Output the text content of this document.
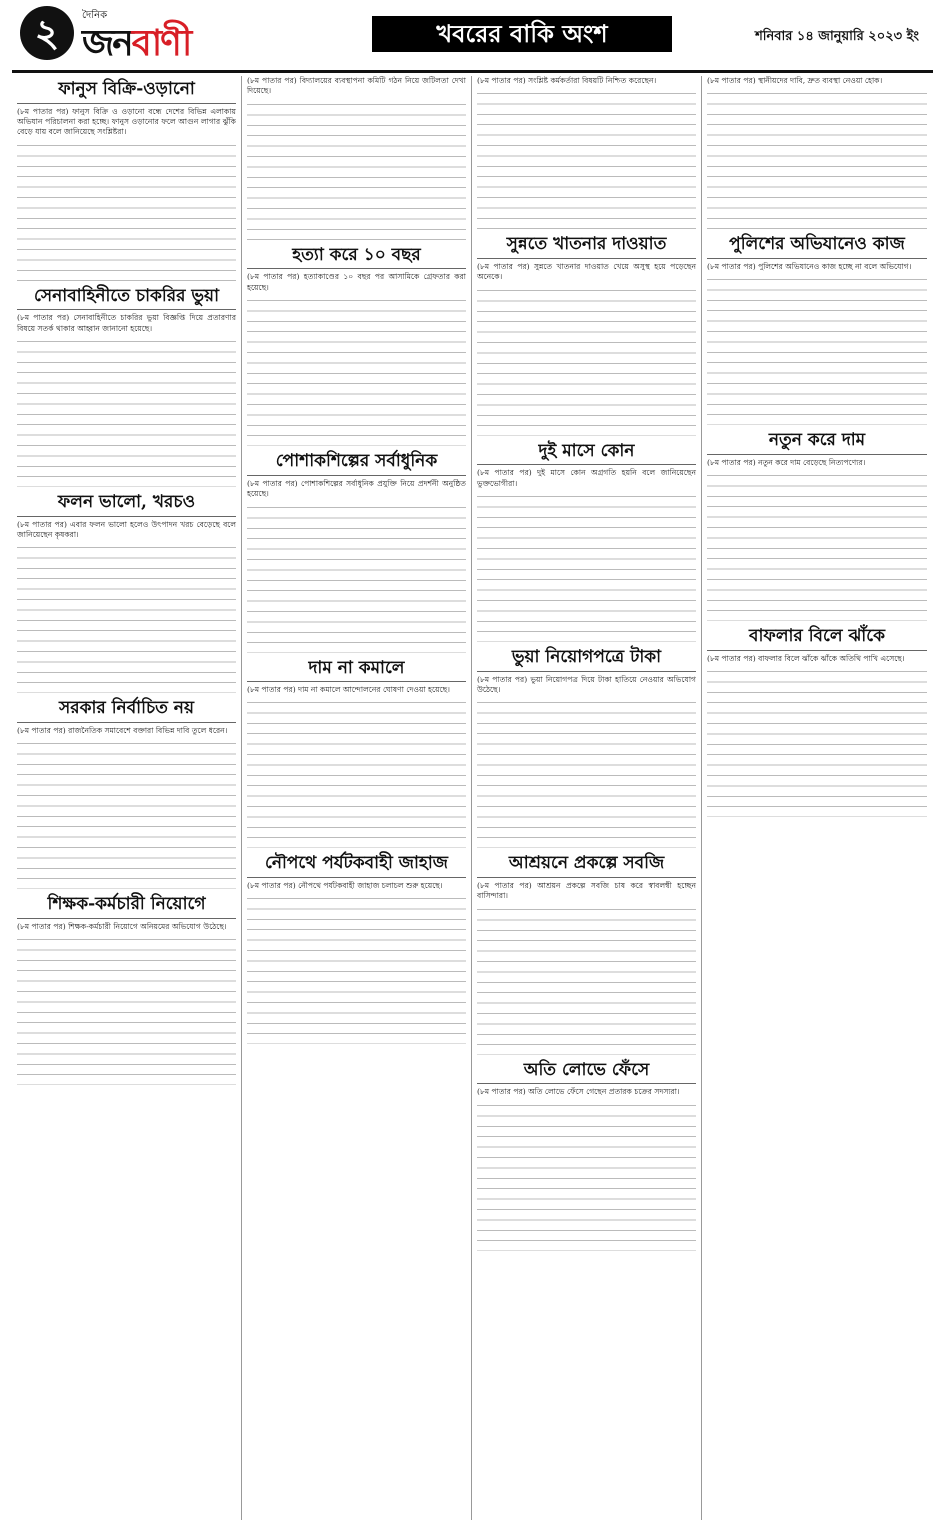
২	দৈনিক
জনবাণী	খবরের বাকি অংশ	শনিবার ১৪ জানুয়ারি ২০২৩ ইং
ফানুস বিক্রি-ওড়ানো

(৮ম পাতার পর) ফানুস বিক্রি ও ওড়ানো বন্ধে দেশের বিভিন্ন এলাকায় অভিযান পরিচালনা করা হচ্ছে। ফানুস ওড়ানোর ফলে আগুন লাগার ঝুঁকি বেড়ে যায় বলে জানিয়েছে সংশ্লিষ্টরা।

সেনাবাহিনীতে চাকরির ভুয়া

(৮ম পাতার পর) সেনাবাহিনীতে চাকরির ভুয়া বিজ্ঞপ্তি দিয়ে প্রতারণার বিষয়ে সতর্ক থাকার আহ্বান জানানো হয়েছে।

ফলন ভালো, খরচও

(৮ম পাতার পর) এবার ফলন ভালো হলেও উৎপাদন খরচ বেড়েছে বলে জানিয়েছেন কৃষকরা।

সরকার নির্বাচিত নয়

(৮ম পাতার পর) রাজনৈতিক সমাবেশে বক্তারা বিভিন্ন দাবি তুলে ধরেন।

শিক্ষক-কর্মচারী নিয়োগে

(৮ম পাতার পর) শিক্ষক-কর্মচারী নিয়োগে অনিয়মের অভিযোগ উঠেছে।

(৮ম পাতার পর) বিদ্যালয়ের ব্যবস্থাপনা কমিটি গঠন নিয়ে জটিলতা দেখা দিয়েছে।

হত্যা করে ১০ বছর

(৮ম পাতার পর) হত্যাকাণ্ডের ১০ বছর পর আসামিকে গ্রেফতার করা হয়েছে।

পোশাকশিল্পের সর্বাধুনিক

(৮ম পাতার পর) পোশাকশিল্পের সর্বাধুনিক প্রযুক্তি নিয়ে প্রদর্শনী অনুষ্ঠিত হয়েছে।

দাম না কমালে

(৮ম পাতার পর) দাম না কমালে আন্দোলনের ঘোষণা দেওয়া হয়েছে।

নৌপথে পর্যটকবাহী জাহাজ

(৮ম পাতার পর) নৌপথে পর্যটকবাহী জাহাজ চলাচল শুরু হয়েছে।

(৮ম পাতার পর) সংশ্লিষ্ট কর্মকর্তারা বিষয়টি নিশ্চিত করেছেন।

সুন্নতে খাতনার দাওয়াত

(৮ম পাতার পর) সুন্নতে খাতনার দাওয়াত খেয়ে অসুস্থ হয়ে পড়েছেন অনেকে।

দুই মাসে কোন

(৮ম পাতার পর) দুই মাসে কোন অগ্রগতি হয়নি বলে জানিয়েছেন ভুক্তভোগীরা।

ভুয়া নিয়োগপত্রে টাকা

(৮ম পাতার পর) ভুয়া নিয়োগপত্র দিয়ে টাকা হাতিয়ে নেওয়ার অভিযোগ উঠেছে।

আশ্রয়নে প্রকল্পে সবজি

(৮ম পাতার পর) আশ্রয়ন প্রকল্পে সবজি চাষ করে স্বাবলম্বী হচ্ছেন বাসিন্দারা।

অতি লোভে ফেঁসে

(৮ম পাতার পর) অতি লোভে ফেঁসে গেছেন প্রতারক চক্রের সদস্যরা।

(৮ম পাতার পর) স্থানীয়দের দাবি, দ্রুত ব্যবস্থা নেওয়া হোক।

পুলিশের অভিযানেও কাজ

(৮ম পাতার পর) পুলিশের অভিযানেও কাজ হচ্ছে না বলে অভিযোগ।

নতুন করে দাম

(৮ম পাতার পর) নতুন করে দাম বেড়েছে নিত্যপণ্যের।

বাফলার বিলে ঝাঁকে

(৮ম পাতার পর) বাফলার বিলে ঝাঁকে ঝাঁকে অতিথি পাখি এসেছে।
